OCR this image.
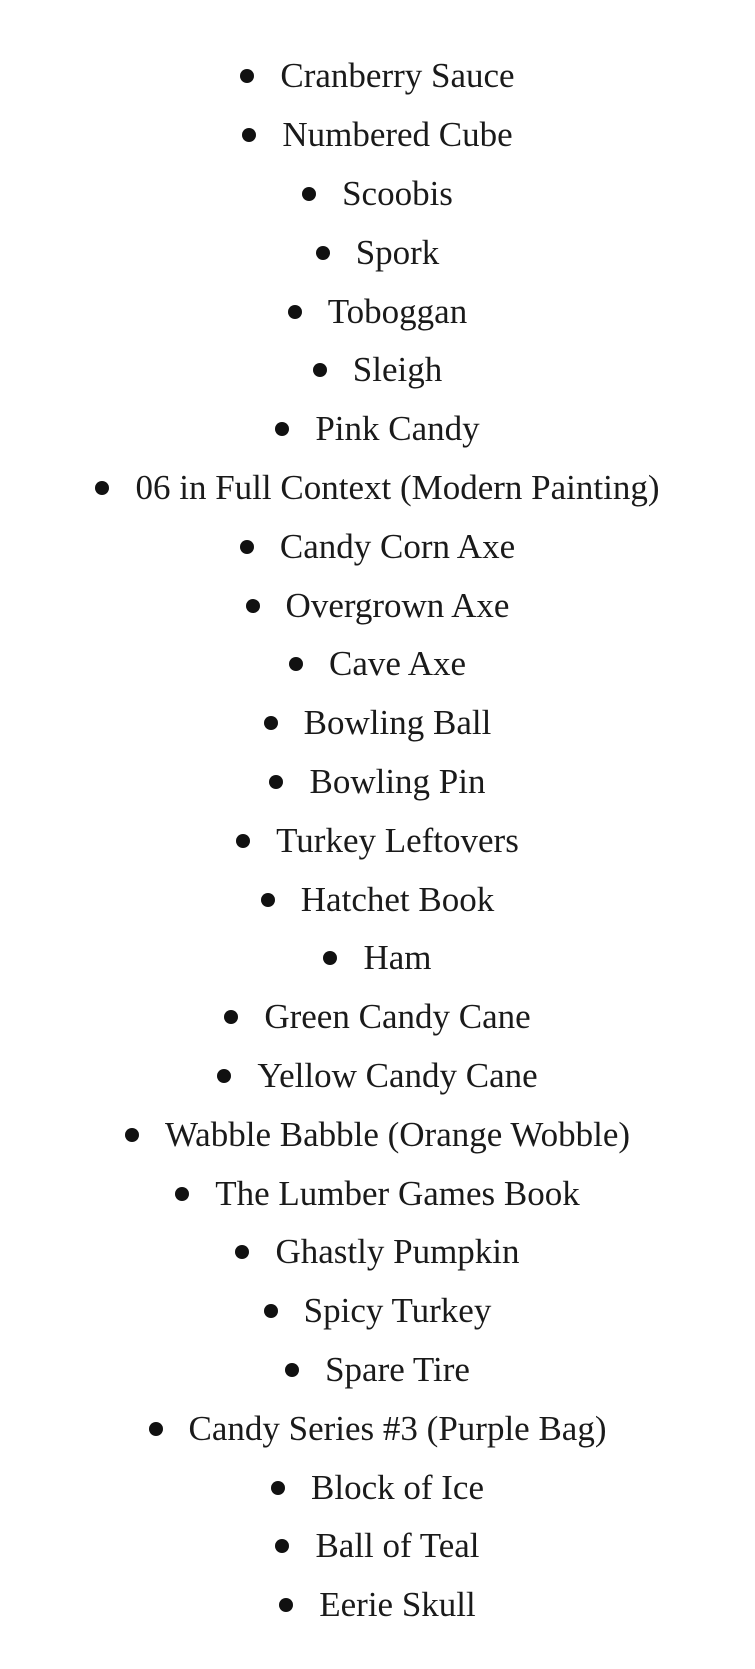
Cranberry Sauce
Numbered Cube
Scoobis
Spork
Toboggan
Sleigh
Pink Candy
06 in Full Context (Modern Painting)
Candy Corn Axe
Overgrown Axe
Cave Axe
Bowling Ball
Bowling Pin
Turkey Leftovers
Hatchet Book
Ham
Green Candy Cane
Yellow Candy Cane
Wabble Babble (Orange Wobble)
The Lumber Games Book
Ghastly Pumpkin
Spicy Turkey
Spare Tire
Candy Series #3 (Purple Bag)
Block of Ice
Ball of Teal
Eerie Skull
